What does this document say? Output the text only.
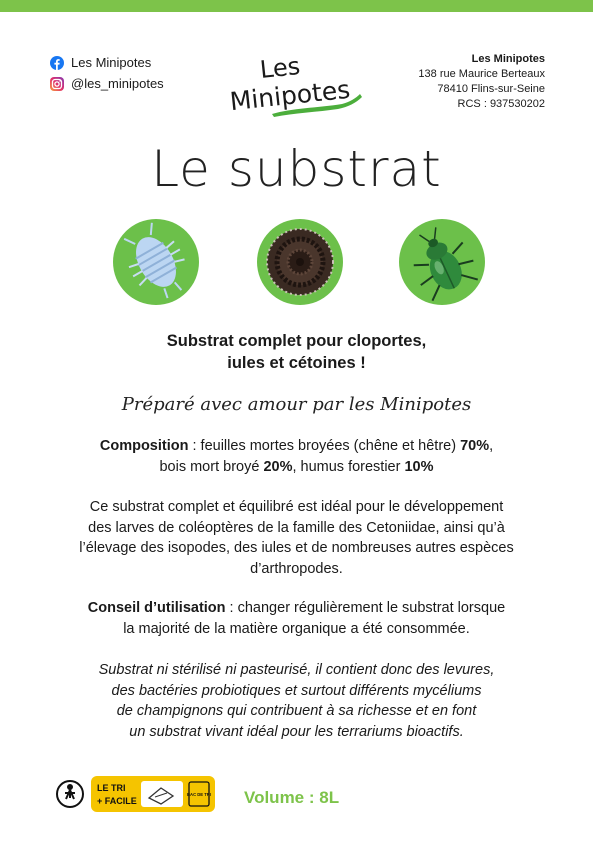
Les Minipotes
@les_minipotes	Les
Minipotes
Les Minipotes
138 rue Maurice Berteaux
78410 Flins-sur-Seine
RCS : 937530202
Le substrat
Substrat complet pour cloportes,
iules et cétoines !
Préparé avec amour par les Minipotes
Composition : feuilles mortes broyées (chêne et hêtre) 70%,
bois mort broyé 20%, humus forestier 10%
Ce substrat complet et équilibré est idéal pour le développement
des larves de coléoptères de la famille des Cetoniidae, ainsi qu’à
l’élevage des isopodes, des iules et de nombreuses autres espèces
d’arthropodes.
Conseil d’utilisation : changer régulièrement le substrat lorsque
la majorité de la matière organique a été consommée.
Substrat ni stérilisé ni pasteurisé, il contient donc des levures,
des bactéries probiotiques et surtout différents mycéliums
de champignons qui contribuent à sa richesse et en font
un substrat vivant idéal pour les terrariums bioactifs.
LE TRI
+ FACILE
BAC DE TRI Volume : 8L
